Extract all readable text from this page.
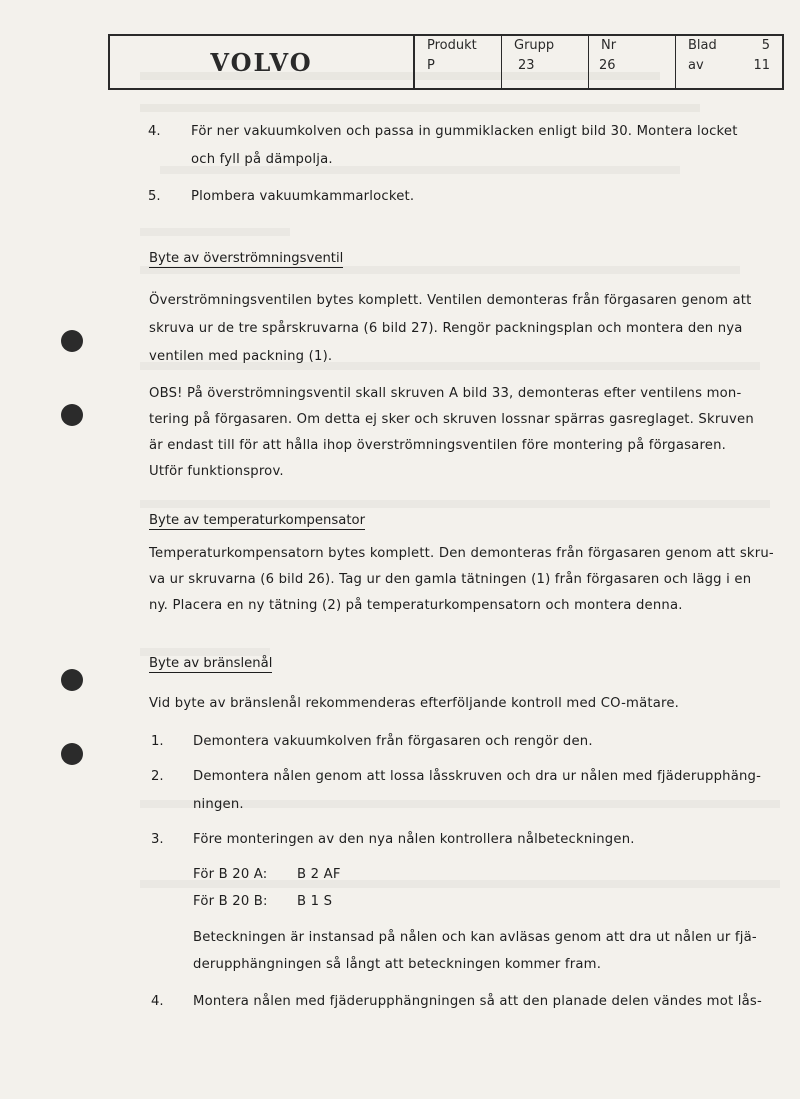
VOLVO
Produkt
P
Grupp
23
Nr
26
Blad	5
av	11
4. För ner vakuumkolven och passa in gummiklacken enligt bild 30. Montera locket
och fyll på dämpolja.
5. Plombera vakuumkammarlocket.
Byte av överströmningsventil
Överströmningsventilen bytes komplett. Ventilen demonteras från förgasaren genom att
skruva ur de tre spårskruvarna (6 bild 27). Rengör packningsplan och montera den nya
ventilen med packning (1).
OBS! På överströmningsventil skall skruven A bild 33, demonteras efter ventilens mon-
tering på förgasaren. Om detta ej sker och skruven lossnar spärras gasreglaget. Skruven
är endast till för att hålla ihop överströmningsventilen före montering på förgasaren.
Utför funktionsprov.
Byte av temperaturkompensator
Temperaturkompensatorn bytes komplett. Den demonteras från förgasaren genom att skru-
va ur skruvarna (6 bild 26). Tag ur den gamla tätningen (1) från förgasaren och lägg i en
ny. Placera en ny tätning (2) på temperaturkompensatorn och montera denna.
Byte av bränslenål
Vid byte av bränslenål rekommenderas efterföljande kontroll med CO-mätare.
1. Demontera vakuumkolven från förgasaren och rengör den.
2. Demontera nålen genom att lossa låsskruven och dra ur nålen med fjäderupphäng-
ningen.
3. Före monteringen av den nya nålen kontrollera nålbeteckningen.
För B 20 A: B 2 AF
För B 20 B: B 1 S
Beteckningen är instansad på nålen och kan avläsas genom att dra ut nålen ur fjä-
derupphängningen så långt att beteckningen kommer fram.
4. Montera nålen med fjäderupphängningen så att den planade delen vändes mot lås-
